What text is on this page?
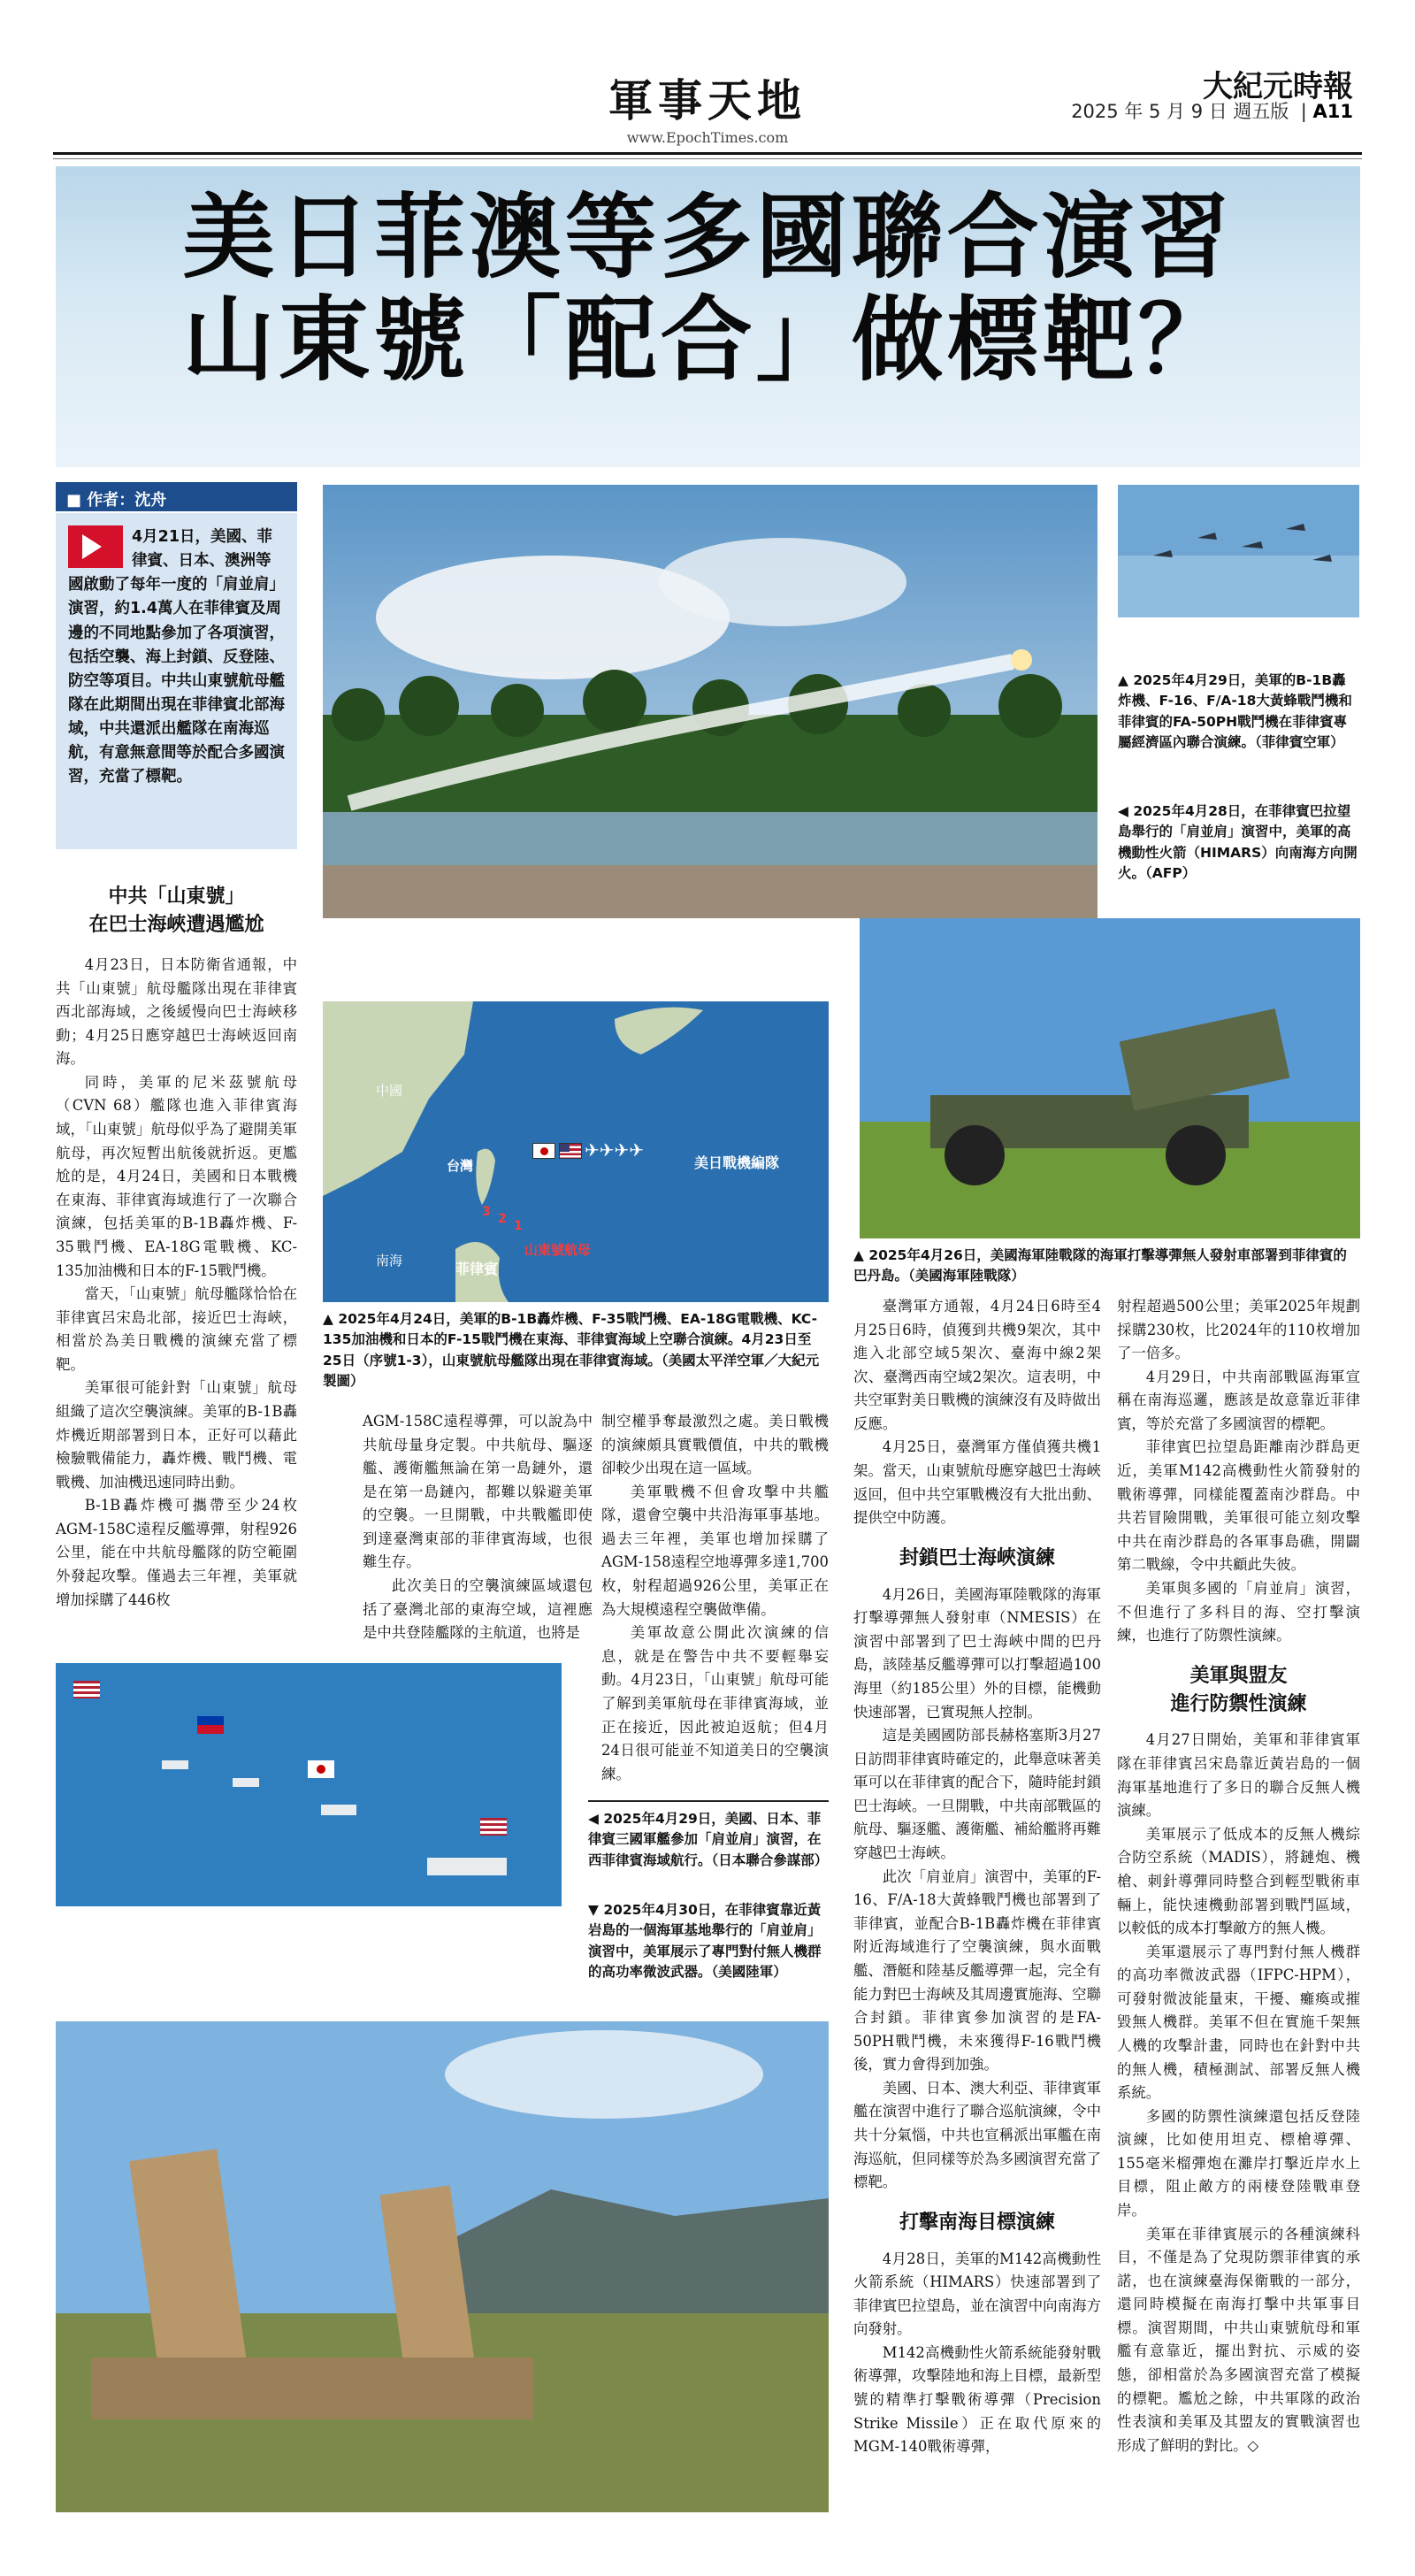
軍事天地
www.EpochTimes.com
大紀元時報
2025 年 5 月 9 日 週五版  | A11
美日菲澳等多國聯合演習
山東號「配合」做標靶？
■ 作者：沈舟
4月21日，美國、菲律賓、日本、澳洲等國啟動了每年一度的「肩並肩」演習，約1.4萬人在菲律賓及周邊的不同地點參加了各項演習，包括空襲、海上封鎖、反登陸、防空等項目。中共山東號航母艦隊在此期間出現在菲律賓北部海域，中共還派出艦隊在南海巡航，有意無意間等於配合多國演習，充當了標靶。
中共「山東號」
在巴士海峽遭遇尷尬

4月23日，日本防衛省通報，中共「山東號」航母艦隊出現在菲律賓西北部海域，之後緩慢向巴士海峽移動；4月25日應穿越巴士海峽返回南海。

同時，美軍的尼米茲號航母（CVN 68）艦隊也進入菲律賓海域，「山東號」航母似乎為了避開美軍航母，再次短暫出航後就折返。更尷尬的是，4月24日，美國和日本戰機在東海、菲律賓海域進行了一次聯合演練，包括美軍的B-1B轟炸機、F-35戰鬥機、EA-18G電戰機、KC-135加油機和日本的F-15戰鬥機。

當天，「山東號」航母艦隊恰恰在菲律賓呂宋島北部，接近巴士海峽，相當於為美日戰機的演練充當了標靶。

美軍很可能針對「山東號」航母組織了這次空襲演練。美軍的B-1B轟炸機近期部署到日本，正好可以藉此檢驗戰備能力，轟炸機、戰鬥機、電戰機、加油機迅速同時出動。

B-1B轟炸機可攜帶至少24枚AGM-158C遠程反艦導彈，射程926公里，能在中共航母艦隊的防空範圍外發起攻擊。僅過去三年裡，美軍就增加採購了446枚

▲ 2025年4月29日，美軍的B-1B轟炸機、F-16、F/A-18大黃蜂戰鬥機和菲律賓的FA-50PH戰鬥機在菲律賓專屬經濟區內聯合演練。（菲律賓空軍）
◀ 2025年4月28日，在菲律賓巴拉望島舉行的「肩並肩」演習中，美軍的高機動性火箭（HIMARS）向南海方向開火。（AFP）
中國
台灣
南海	菲律賓
✈✈✈✈
美日戰機編隊
3 2 1
山東號航母
▲ 2025年4月24日，美軍的B-1B轟炸機、F-35戰鬥機、EA-18G電戰機、KC-135加油機和日本的F-15戰鬥機在東海、菲律賓海域上空聯合演練。4月23日至25日（序號1-3），山東號航母艦隊出現在菲律賓海域。（美國太平洋空軍／大紀元製圖）
▲ 2025年4月26日，美國海軍陸戰隊的海軍打擊導彈無人發射車部署到菲律賓的巴丹島。（美國海軍陸戰隊）

AGM-158C遠程導彈，可以說為中共航母量身定製。中共航母、驅逐艦、護衛艦無論在第一島鏈外，還是在第一島鏈內，都難以躲避美軍的空襲。一旦開戰，中共戰艦即使到達臺灣東部的菲律賓海域，也很難生存。

此次美日的空襲演練區域還包括了臺灣北部的東海空域，這裡應是中共登陸艦隊的主航道，也將是

制空權爭奪最激烈之處。美日戰機的演練頗具實戰價值，中共的戰機卻較少出現在這一區域。

美軍戰機不但會攻擊中共艦隊，還會空襲中共沿海軍事基地。過去三年裡，美軍也增加採購了AGM-158遠程空地導彈多達1,700枚，射程超過926公里，美軍正在為大規模遠程空襲做準備。

美軍故意公開此次演練的信息，就是在警告中共不要輕舉妄動。4月23日，「山東號」航母可能了解到美軍航母在菲律賓海域，並正在接近，因此被迫返航；但4月24日很可能並不知道美日的空襲演練。

◀ 2025年4月29日，美國、日本、菲律賓三國軍艦參加「肩並肩」演習，在西菲律賓海域航行。（日本聯合參謀部）
▼ 2025年4月30日，在菲律賓靠近黃岩島的一個海軍基地舉行的「肩並肩」演習中，美軍展示了專門對付無人機群的高功率微波武器。（美國陸軍）

臺灣軍方通報，4月24日6時至4月25日6時，偵獲到共機9架次，其中進入北部空域5架次、臺海中線2架次、臺灣西南空域2架次。這表明，中共空軍對美日戰機的演練沒有及時做出反應。

4月25日，臺灣軍方僅偵獲共機1架。當天，山東號航母應穿越巴士海峽返回，但中共空軍戰機沒有大批出動、提供空中防護。

封鎖巴士海峽演練

4月26日，美國海軍陸戰隊的海軍打擊導彈無人發射車（NMESIS）在演習中部署到了巴士海峽中間的巴丹島，該陸基反艦導彈可以打擊超過100海里（約185公里）外的目標，能機動快速部署，已實現無人控制。

這是美國國防部長赫格塞斯3月27日訪問菲律賓時確定的，此舉意味著美軍可以在菲律賓的配合下，隨時能封鎖巴士海峽。一旦開戰，中共南部戰區的航母、驅逐艦、護衛艦、補給艦將再難穿越巴士海峽。

此次「肩並肩」演習中，美軍的F-16、F/A-18大黃蜂戰鬥機也部署到了菲律賓，並配合B-1B轟炸機在菲律賓附近海域進行了空襲演練，與水面戰艦、潛艇和陸基反艦導彈一起，完全有能力對巴士海峽及其周邊實施海、空聯合封鎖。菲律賓參加演習的是FA-50PH戰鬥機，未來獲得F-16戰鬥機後，實力會得到加強。

美國、日本、澳大利亞、菲律賓軍艦在演習中進行了聯合巡航演練，令中共十分氣惱，中共也宣稱派出軍艦在南海巡航，但同樣等於為多國演習充當了標靶。

打擊南海目標演練

4月28日，美軍的M142高機動性火箭系統（HIMARS）快速部署到了菲律賓巴拉望島，並在演習中向南海方向發射。

M142高機動性火箭系統能發射戰術導彈，攻擊陸地和海上目標，最新型號的精準打擊戰術導彈（Precision Strike Missile）正在取代原來的MGM-140戰術導彈，

射程超過500公里；美軍2025年規劃採購230枚，比2024年的110枚增加了一倍多。

4月29日，中共南部戰區海軍宣稱在南海巡邏，應該是故意靠近菲律賓，等於充當了多國演習的標靶。

菲律賓巴拉望島距離南沙群島更近，美軍M142高機動性火箭發射的戰術導彈，同樣能覆蓋南沙群島。中共若冒險開戰，美軍很可能立刻攻擊中共在南沙群島的各軍事島礁，開闢第二戰線，令中共顧此失彼。

美軍與多國的「肩並肩」演習，不但進行了多科目的海、空打擊演練，也進行了防禦性演練。

美軍與盟友
進行防禦性演練

4月27日開始，美軍和菲律賓軍隊在菲律賓呂宋島靠近黃岩島的一個海軍基地進行了多日的聯合反無人機演練。

美軍展示了低成本的反無人機綜合防空系統（MADIS），將鏈炮、機槍、刺針導彈同時整合到輕型戰術車輛上，能快速機動部署到戰鬥區域，以較低的成本打擊敵方的無人機。

美軍還展示了專門對付無人機群的高功率微波武器（IFPC-HPM），可發射微波能量束，干擾、癱瘓或摧毀無人機群。美軍不但在實施千架無人機的攻擊計畫，同時也在針對中共的無人機，積極測試、部署反無人機系統。

多國的防禦性演練還包括反登陸演練，比如使用坦克、標槍導彈、155毫米榴彈炮在灘岸打擊近岸水上目標，阻止敵方的兩棲登陸戰車登岸。

美軍在菲律賓展示的各種演練科目，不僅是為了兌現防禦菲律賓的承諾，也在演練臺海保衛戰的一部分，還同時模擬在南海打擊中共軍事目標。演習期間，中共山東號航母和軍艦有意靠近，擺出對抗、示威的姿態，卻相當於為多國演習充當了模擬的標靶。尷尬之餘，中共軍隊的政治性表演和美軍及其盟友的實戰演習也形成了鮮明的對比。◇
